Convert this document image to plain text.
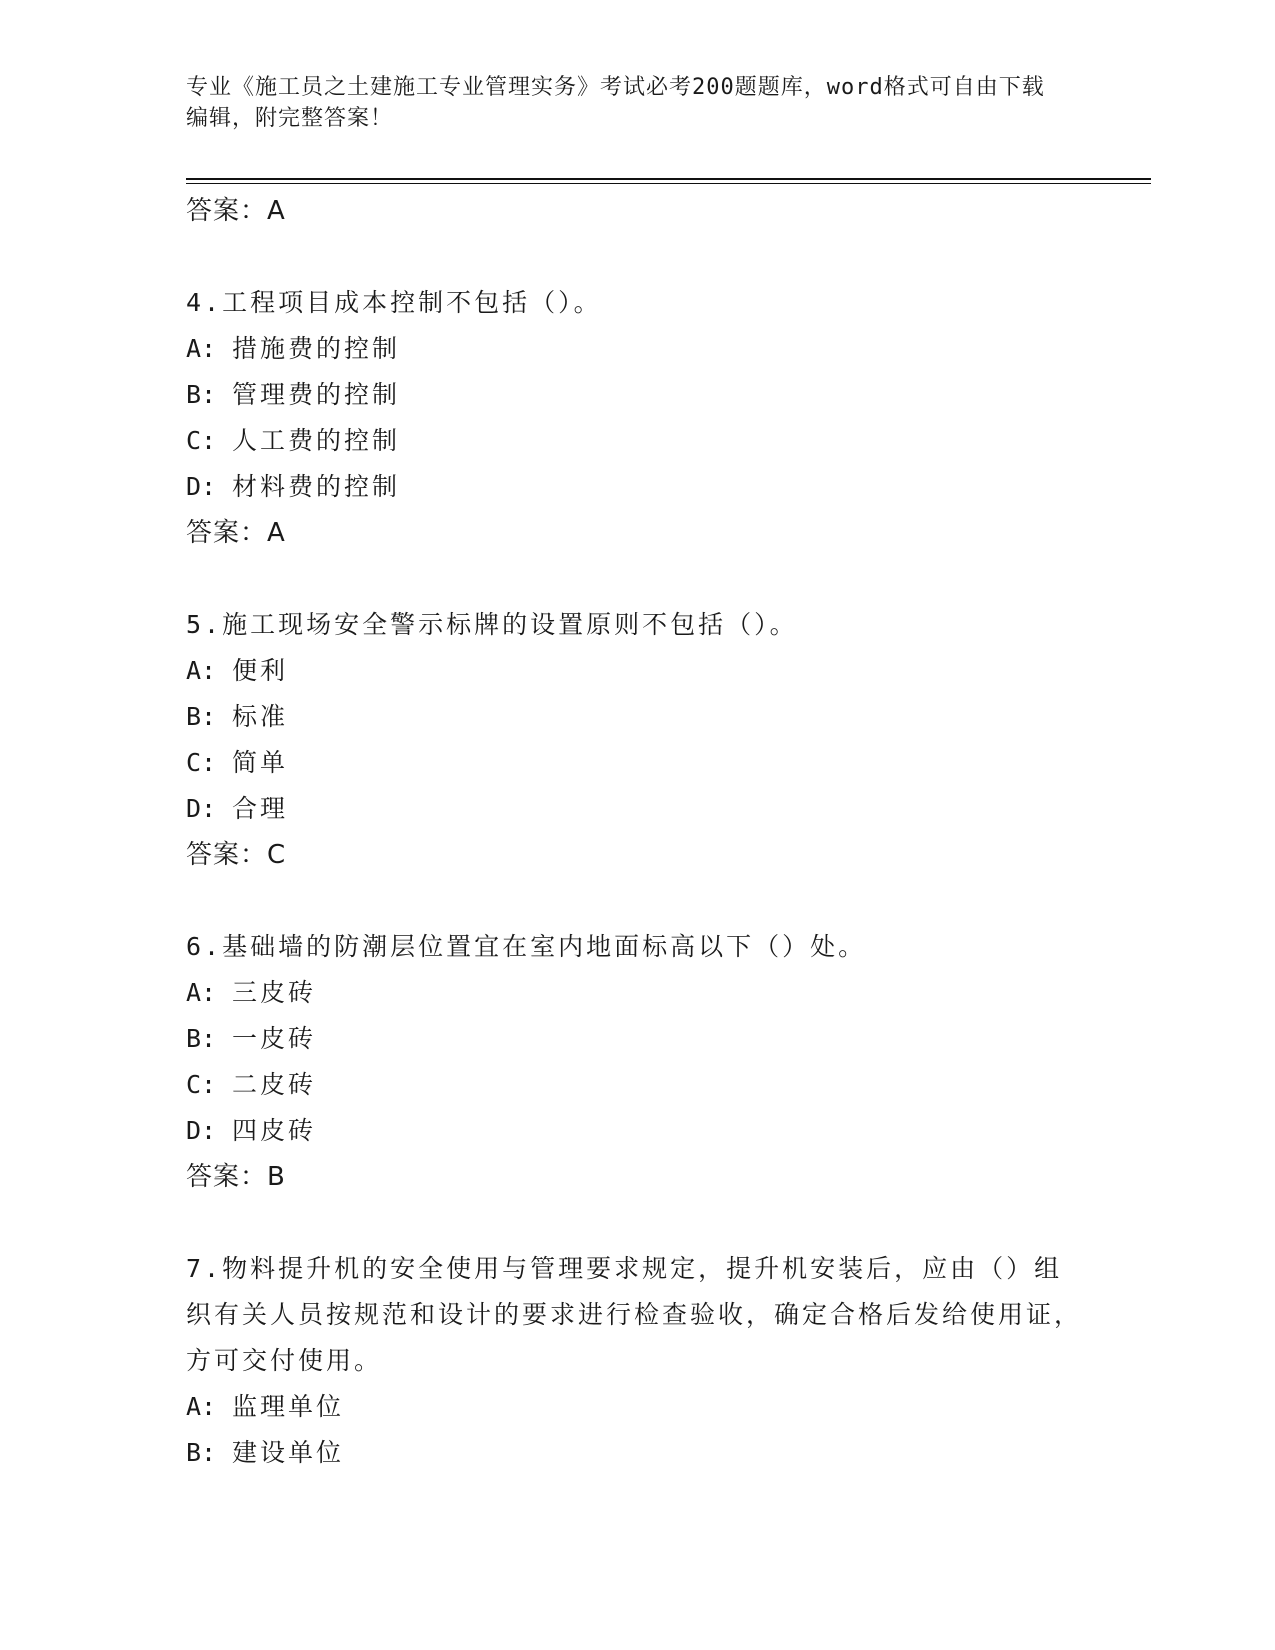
专业《施工员之土建施工专业管理实务》考试必考200题题库，word格式可自由下载编辑，附完整答案！
答案：A
4.工程项目成本控制不包括（）。
A: 措施费的控制
B: 管理费的控制
C: 人工费的控制
D: 材料费的控制
答案：A
5.施工现场安全警示标牌的设置原则不包括（）。
A: 便利
B: 标准
C: 简单
D: 合理
答案：C
6.基础墙的防潮层位置宜在室内地面标高以下（）处。
A: 三皮砖
B: 一皮砖
C: 二皮砖
D: 四皮砖
答案：B
7.物料提升机的安全使用与管理要求规定，提升机安装后，应由（）组织有关人员按规范和设计的要求进行检查验收，确定合格后发给使用证，方可交付使用。
A: 监理单位
B: 建设单位
